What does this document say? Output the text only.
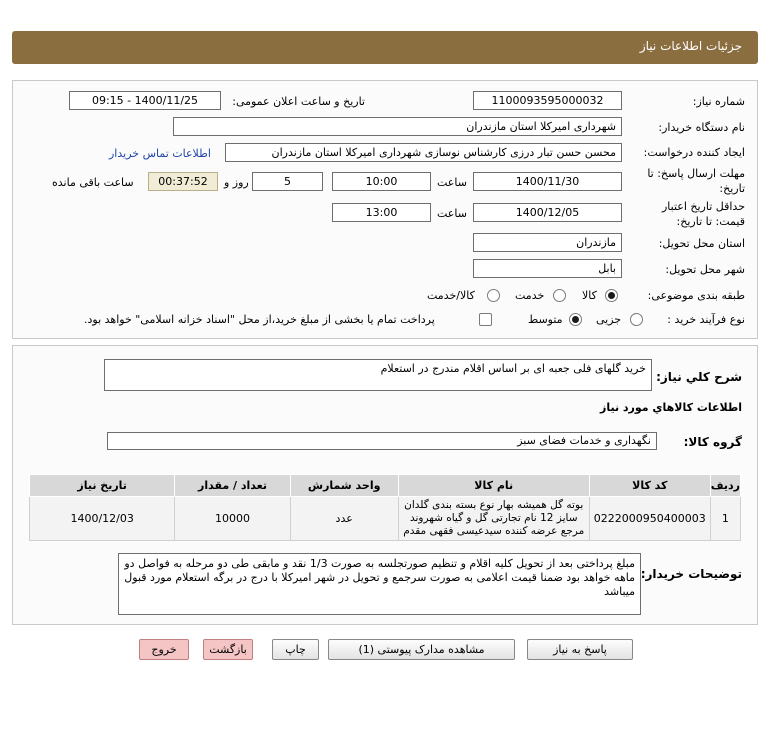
جزئیات اطلاعات نیاز
شماره نیاز:
1100093595000032
تاریخ و ساعت اعلان عمومی:
1400/11/25 - 09:15
نام دستگاه خریدار:
شهرداری امیرکلا استان مازندران
ایجاد کننده درخواست:
محسن حسن تبار درزی کارشناس نوسازی شهرداری امیرکلا استان مازندران
اطلاعات تماس خریدار
مهلت ارسال پاسخ: تا تاریخ:
1400/11/30
ساعت
10:00
5
روز و
00:37:52
ساعت باقی مانده
حداقل تاریخ اعتبار قیمت: تا تاریخ:
1400/12/05
ساعت
13:00
استان محل تحویل:
مازندران
شهر محل تحویل:
بابل
طبقه بندی موضوعی:
کالا
خدمت
کالا/خدمت
نوع فرآیند خرید :
جزیی
متوسط
پرداخت تمام یا بخشی از مبلغ خرید،از محل "اسناد خزانه اسلامی" خواهد بود.
شرح کلي نياز:
خرید گلهای فلی جعبه ای بر اساس اقلام مندرج در استعلام
اطلاعات کالاهاي مورد نياز
گروه کالا:
نگهداری و خدمات فضای سبز
ردیف	کد کالا	نام کالا	واحد شمارش	تعداد / مقدار	تاریخ نیاز
1	0222000950400003	بوته گل همیشه بهار نوع بسته بندی گلدان سایز 12 نام تجارتی گل و گیاه شهروند مرجع عرضه کننده سیدعیسی فقهی مقدم	عدد	10000	1400/12/03
توضیحات خریدار:
مبلغ پرداختی بعد از تحویل کلیه اقلام و تنظیم صورتجلسه به صورت 1/3 نقد و مابقی طی دو مرحله به فواصل دو ماهه خواهد بود ضمنا قیمت اعلامی به صورت سرجمع و تحویل در شهر امیرکلا با درج در برگه استعلام مورد قبول میباشد
پاسخ به نیاز
مشاهده مدارک پیوستی (1)
چاپ
بازگشت
خروج
